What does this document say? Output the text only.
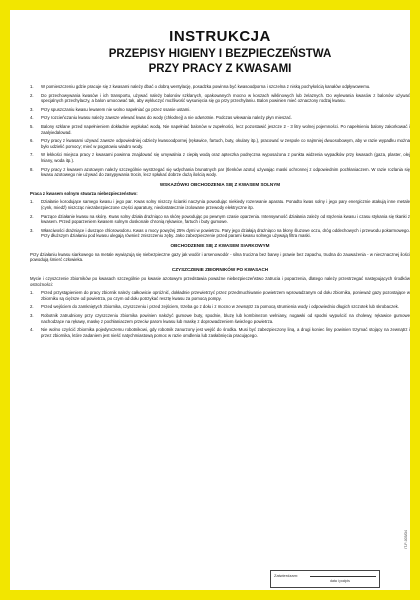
INSTRUKCJA
PRZEPISY HIGIENY I BEZPIECZEŃSTWA
PRZY PRACY Z KWASAMI
1.	W pomieszczeniu gdzie pracuje się z kwasami należy dbać o dobrą wentylację, posadzka powinna być kwasoodporna i szczelna z niską pochyłością kanałów odpływowemu.
2.	Do przechowywania kwasów i ich transportu, używać należy balonów szklanych, opakowanych mocno w koszach wiklinowych lub żelaznych. Do wylewania kwasów z balonów używać specjalnych przechylaczy, a balon umocować tak, aby wykluczyć możliwość wysunięcia się go przy przechylaniu. Balon powinien mieć oznaczony rodzaj kwasu.
3.	Przy spuszczaniu kwasu lewarem nie wolno napełniać go przez ssanie ustami.
4.	Przy rozcieńczaniu kwasu należy zawsze wlewać kwas do wody (chłodnej) a nie odwrotnie. Podczas wlewania należy płyn mieszać.
5.	Balony szklane przed napełnieniem dokładnie wypłukać wodą. Nie napełniać balonów w zupełności, lecz pozostawić jeszcze 2 - 3 litry wolnej pojemności. Po napełnieniu balony zakorkować i zaalyiedalowad.
6.	Przy pracy z kwasami używać zawsze odpowiedniej odzieży kwasoodpornej (rękawice, fartuch, buty, okulary itp.), pracować w zespole co najmniej dwuosobowym, aby w razie wypadku można było udzielić pomocy; mieć w pogotowiu wiadro wody.
7.	W lekkości miejsca pracy z kwasami powinna znajdować się umywalnia z ciepłą wodą oraz apteczka podręczna wyposażona z punkta widzenia wypadków przy kwasach (gaza, plaster, olej lniany, woda itp.).
8.	Przy pracy z kwasem azotowym należy szczególnie wystrzegać się wdychania brunatnych par (tlenków azotu) używając maski ochronnej z odpowiednim pochłaniaczem. W razie rozlania się kwasu azotowego nie używać do zasypywania trocin, lecz spłukać dobrze dużą ilością wody.
WSKAZÓWKI OBCHODZENIA SIĘ Z KWASEM SOLNYM
Praca z kwasem solnym stwarza niebezpieczeństwo:
1.	Działanie korodujące samego kwasu i jego par. Kwas solny niszczy ścianki naczynia powodując niekiedy rozerwanie aparatu. Ponadto kwas solny i jego pary energicznie atakują inne metale (cynk, miedź) niszcząc niezabezpieczone części aparatury, niedostatecznie izolowane przewody elektryczne itp.
2.	Parzące działanie kwasu na skórę. Kwas solny działa drażniąco na skórę powodując po pewnym czasie oparzenia. Intensywność działania zależy od stężenia kwasu i czasu stykania się tkanki z kwasem. Przed poparzeniem kwasem solnym doskonale chronią rękawice, fartuch i buty gumowe.
3.	Własciwości drażniące i duszące chlorowodoru. Kwas o mocy powyżej 25% dymi w powietrzu. Pary jego działają drażniąco na błony śluzowe oczu, dróg oddechowych i przewodu pokarmowego. Przy dłuższym działaniu pod kwasu ulegają również zniszczeniu zęby. Jako zabezpieczenie przed parami kwasu solnego używają filtra maski.
OBCHODZENIE SIĘ Z KWASEM SIARKOWYM
Przy działaniu kwasu siarkowego na metale wywiązują się niebezpieczne gazy jak wodór i arsenowodór - silna trucizna bez barwy i prawie bez zapachu, trudna do zauważenia - w niecznacznej ilości powodują śmierć człowieka.
CZYSZCZENIE ZBIORNIKÓW PO KWASACH
Mycie i czyszczenie zbiorników po kwasach szczególnie po kwasie azotowym przedstawia poważne niebezpieczeństwo zatrucia i poparzenia, dlatego należy przestrzegać następujących środków ostrożności:
1.	Przed przystąpieniem do pracy zbiornik należy całkowicie opróżnić, dokładnie przewietrzyć przez przedmuchiwanie powietrzem wprowadzanym od dołu zbiornika, ponieważ gazy pozostające w zbiorniku są cięższe od powietrza, po czym od dołu potrzykać resztę kwasu za pomocą pompy.
2.	Przed wejściem do zamkniętych zbiornika, czyszczeniu i przed zejściem, trzeba go z dołu i z mocno w zewnątrz za pomocą strumienia wody i odpowiednio długich szczotek lub skrobaczek.
3.	Robotnik zatrudniony przy czyszczeniu zbiornika powinien nałożyć gumowe buty, spodnie, bluzę lub kombinezon welniany, nogawki od spodni wypuścić na cholewy, rękawice gumowe nachodzące na rękawy, maskę z pochłaniaczem przeciw parom kwasu lub maskę z doprowadzeniem świeżego powietrza.
4.	Nie wolno czyścić zbiornika pojedynczemu robotnikowi, gdy robotnik zanurzony jest wejść do środka. Musi być zabezpieczony liną, a drugi koniec liny powinien trzymać stojący na zewnątrz i przez zbiornika, które zadaniem jest nieść natychmiastową pomoc w razie omdlenia lub zasłabnięcia pracującego.
IT-P-005/D4
Zatwierdzam:
data i podpis
